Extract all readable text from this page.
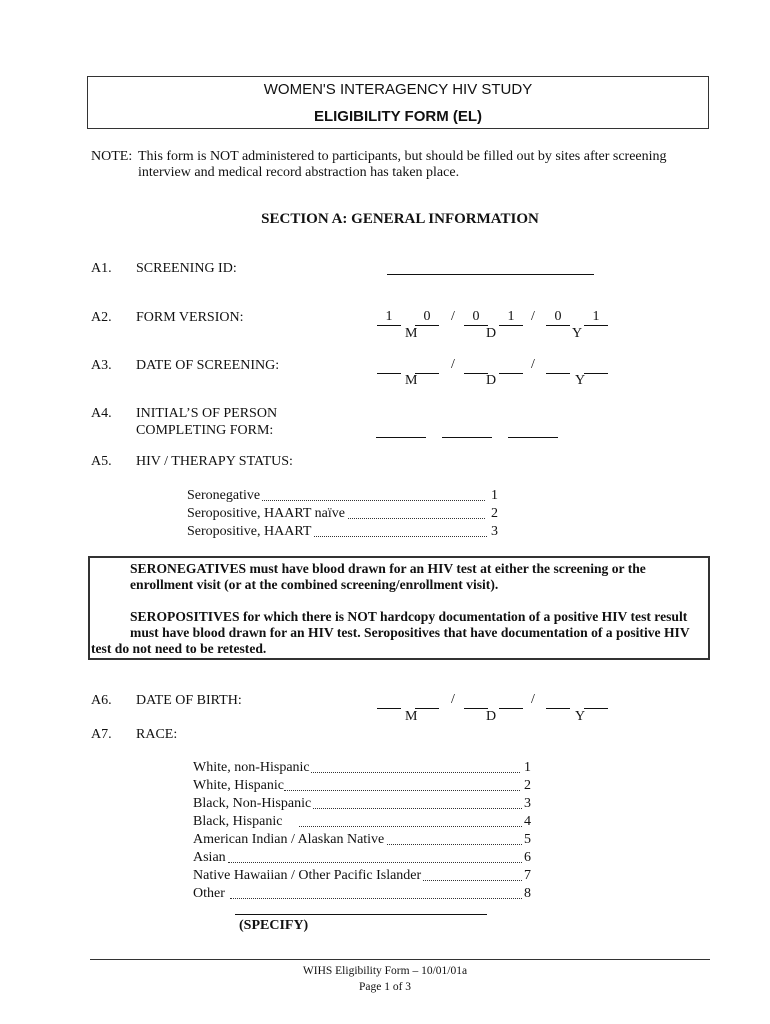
WOMEN'S INTERAGENCY HIV STUDY
ELIGIBILITY FORM (EL)
NOTE: This form is NOT administered to participants, but should be filled out by sites after screening
interview and medical record abstraction has taken place.
SECTION A: GENERAL INFORMATION
A1. SCREENING ID:
A2. FORM VERSION:	1	0	/	0	1	/	0	1
M	D	Y
A3. DATE OF SCREENING:	/	/
M	D	Y
A4. INITIAL’S OF PERSON
COMPLETING FORM:
A5. HIV / THERAPY STATUS:
Seronegative	1
Seropositive, HAART naïve	2
Seropositive, HAART	3
SERONEGATIVES must have blood drawn for an HIV test at either the screening or the
enrollment visit (or at the combined screening/enrollment visit).
SEROPOSITIVES for which there is NOT hardcopy documentation of a positive HIV test result
must have blood drawn for an HIV test. Seropositives that have documentation of a positive HIV
test do not need to be retested.
A6. DATE OF BIRTH:	/	/
M	D	Y
A7. RACE:
White, non-Hispanic	1
White, Hispanic	2
Black, Non-Hispanic	3
Black, Hispanic	4
American Indian / Alaskan Native	5
Asian	6
Native Hawaiian / Other Pacific Islander	7
Other	8
(SPECIFY)
WIHS Eligibility Form – 10/01/01a
Page 1 of 3
